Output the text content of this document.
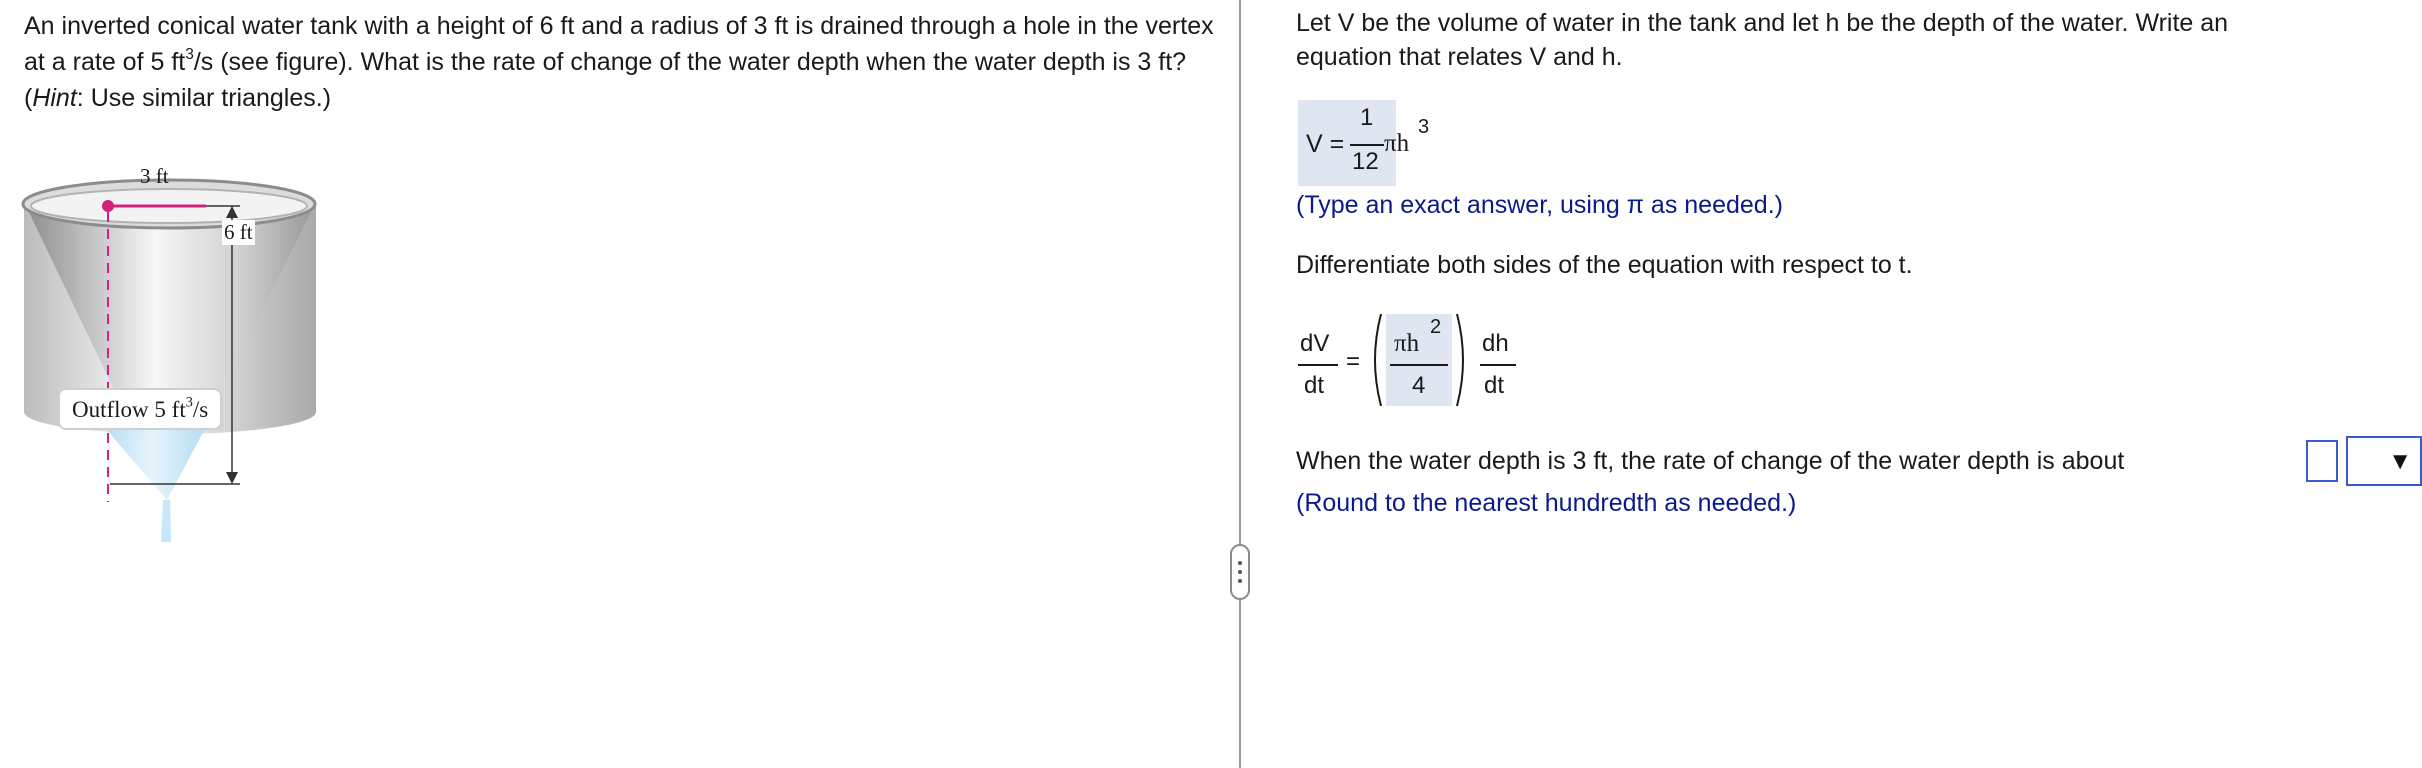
An inverted conical water tank with a height of 6 ft and a radius of 3 ft is drained through a hole in the vertex at a rate of 5 $ft^3/s$ (see figure). What is the rate of change of the water depth when the water depth is 3 ft? (Hint: Use similar triangles.)
3 ft
6 ft
Outflow 5 $ft^3/s$
Let V be the volume of water in the tank and let h be the depth of the water. Write an equation that relates V and h.
V =
1
12
πh
3
(Type an exact answer, using π as needed.)
Differentiate both sides of the equation with respect to t.
dV
dt
=
πh
2
4
dh
dt
When the water depth is 3 ft, the rate of change of the water depth is about	▼
(Round to the nearest hundredth as needed.)
